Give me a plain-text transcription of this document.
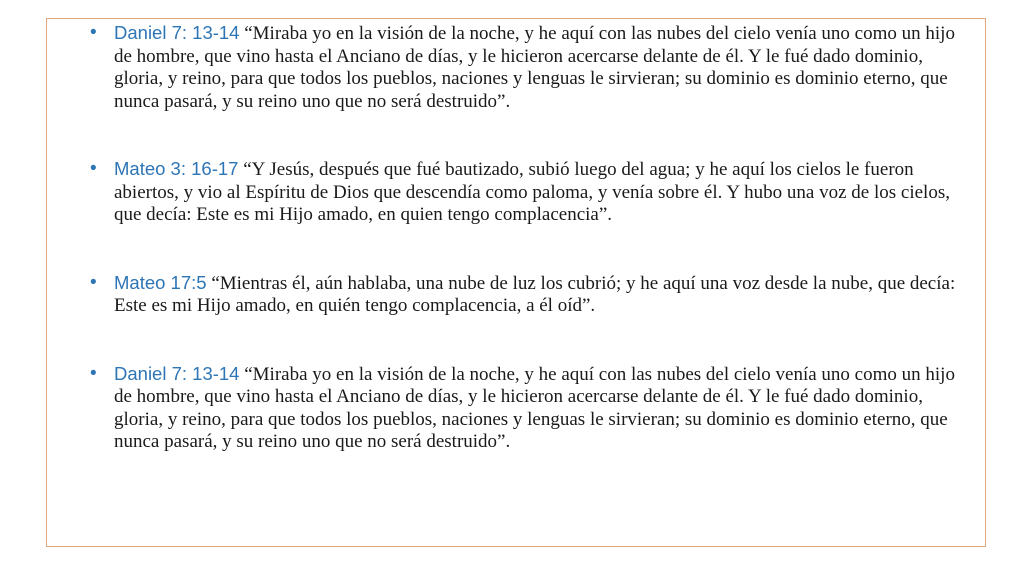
• Daniel 7: 13-14 “Miraba yo en la visión de la noche, y he aquí con las nubes del cielo venía uno como un hijo de hombre, que vino hasta el Anciano de días, y le hicieron acercarse delante de él. Y le fué dado dominio, gloria, y reino, para que todos los pueblos, naciones y lenguas le sirvieran; su dominio es dominio eterno, que nunca pasará, y su reino uno que no será destruido”.
• Mateo 3: 16-17 “Y Jesús, después que fué bautizado, subió luego del agua; y he aquí los cielos le fueron abiertos, y vio al Espíritu de Dios que descendía como paloma, y venía sobre él. Y hubo una voz de los cielos, que decía: Este es mi Hijo amado, en quien tengo complacencia”.
• Mateo 17:5 “Mientras él, aún hablaba, una nube de luz los cubrió; y he aquí una voz desde la nube, que decía: Este es mi Hijo amado, en quién tengo complacencia, a él oíd”.
• Daniel 7: 13-14 “Miraba yo en la visión de la noche, y he aquí con las nubes del cielo venía uno como un hijo de hombre, que vino hasta el Anciano de días, y le hicieron acercarse delante de él. Y le fué dado dominio, gloria, y reino, para que todos los pueblos, naciones y lenguas le sirvieran; su dominio es dominio eterno, que nunca pasará, y su reino uno que no será destruido”.
